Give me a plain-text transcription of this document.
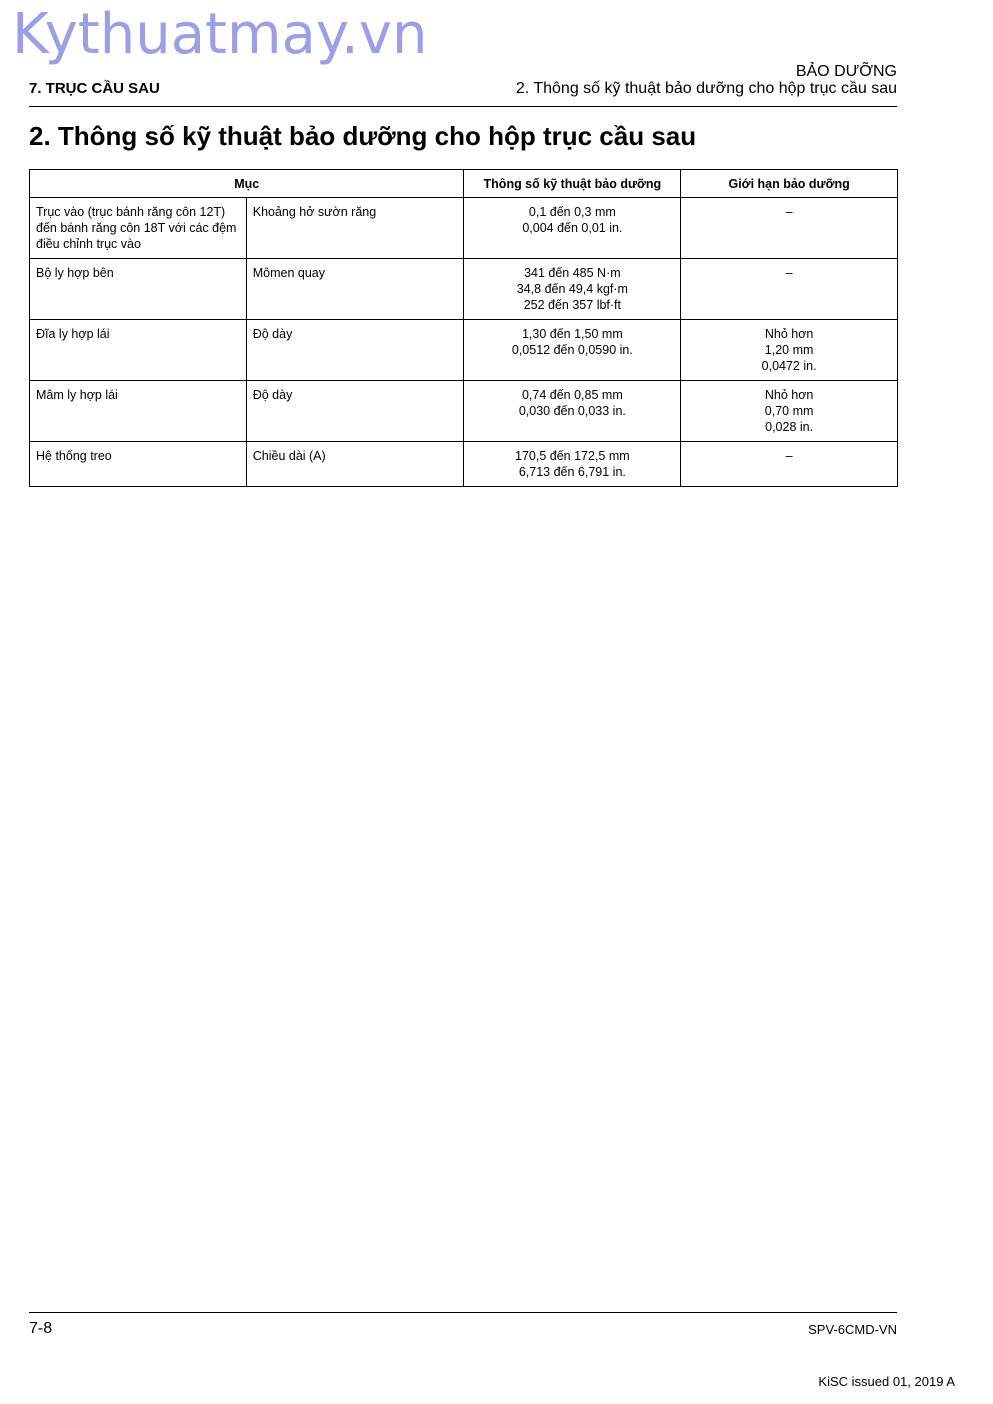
Kythuatmay.vn
BẢO DƯỠNG
7. TRỤC CẦU SAU	2. Thông số kỹ thuật bảo dưỡng cho hộp trục cầu sau
2. Thông số kỹ thuật bảo dưỡng cho hộp trục cầu sau
Mục		Thông số kỹ thuật bảo dưỡng	Giới hạn bảo dưỡng
Trục vào (trục bánh răng côn 12T) đến bánh răng côn 18T với các đệm điều chỉnh trục vào	Khoảng hở sườn răng	0,1 đến 0,3 mm
0,004 đến 0,01 in.	–

Bộ ly hợp bên	Mômen quay	341 đến 485 N·m
34,8 đến 49,4 kgf·m
252 đến 357 lbf·ft	–

Đĩa ly hợp lái	Độ dày	1,30 đến 1,50 mm
0,0512 đến 0,0590 in.	Nhỏ hơn
1,20 mm
0,0472 in.

Mâm ly hợp lái	Độ dày	0,74 đến 0,85 mm
0,030 đến 0,033 in.	Nhỏ hơn
0,70 mm
0,028 in.

Hệ thống treo	Chiều dài (A)	170,5 đến 172,5 mm
6,713 đến 6,791 in.	–
7-8	SPV-6CMD-VN
KiSC issued 01, 2019 A
